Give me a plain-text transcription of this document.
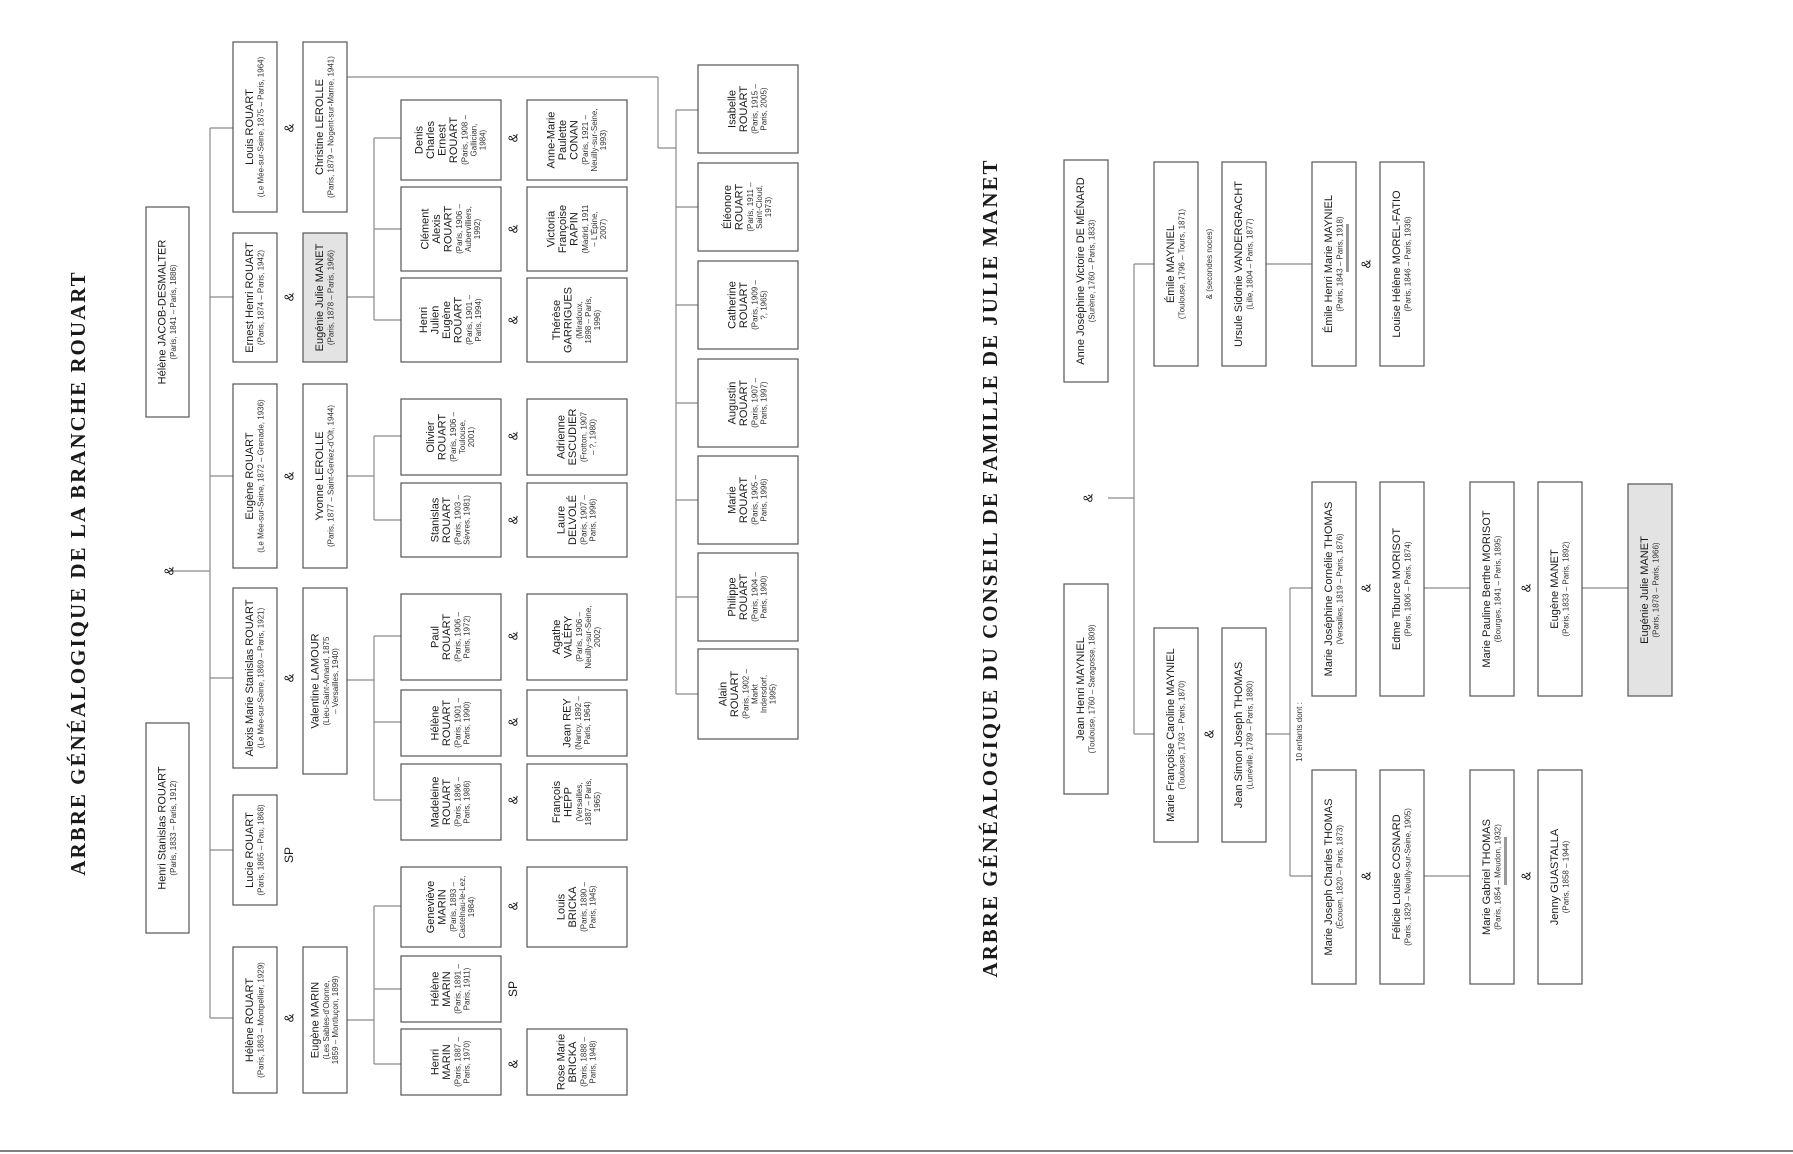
ARBRE GÉNÉALOGIQUE DE LA BRANCHE ROUART	ARBRE GÉNÉALOGIQUE DU CONSEIL DE FAMILLE DE JULIE MANET
Henri Stanislas ROUART (Paris, 1833 – Paris, 1912)
Hélène JACOB-DESMALTER (Paris, 1841 – Paris, 1886)
Hélène ROUART (Paris, 1863 – Montpellier, 1929)	Eugène MARIN (Les Sables-d'Olonne,1859 – Montluçon, 1899)
Lucie ROUART (Paris, 1865 – Pau, 1868)
Alexis Marie Stanislas ROUART (Le Mée-sur-Seine, 1869 – Paris, 1921)	Valentine LAMOUR (Lieu-Saint-Amand, 1875– Versailles, 1940)
Eugène ROUART (Le Mée-sur-Seine, 1872 – Grenade, 1936)	Yvonne LEROLLE (Paris, 1877 – Saint-Geniez-d'Olt, 1944)
Ernest Henri ROUART (Paris, 1874 – Paris, 1942)	Eugénie Julie MANET (Paris, 1878 – Paris, 1966)
Louis ROUART (Le Mée-sur-Seine, 1875 – Paris, 1964)	Christine LEROLLE (Paris, 1879 – Nogent-sur-Marne, 1941)
HenriMARIN (Paris, 1887 –Paris, 1970)
HélèneMARIN (Paris, 1891 –Paris, 1911)
GenevièveMARIN (Paris, 1893 –Castelnau-le-Lez,1984)
Rose MarieBRICKA (Paris, 1888 –Paris, 1948)
LouisBRICKA (Paris, 1890 –Paris, 1945)
MadeleineROUART (Paris, 1896 –Paris, 1986)
HélèneROUART (Paris, 1901 –Paris, 1990)
PaulROUART (Paris, 1906 –Paris, 1972)
FrançoisHEPP (Versailles,1887 – Paris,1965)
Jean REY (Nancy, 1892 –Paris, 1964)
AgatheVALÉRY (Paris, 1906 –Neuilly-sur-Seine,2002)
StanislasROUART (Paris, 1903 –Sèvres, 1981)
OlivierROUART (Paris, 1906 –Toulouse,2001)
LaureDELVOLÉ (Paris, 1907 –Paris, 1996)
AdrienneESCUDIER (Frotton, 1907– ?, 1980)
HenriJulienEugèneROUART (Paris, 1901 –Paris, 1994)
ClémentAlexisROUART (Paris, 1906 –Aubervilliers,1992)
DenisCharlesErnestROUART (Paris, 1908 –Gallician,1984)
ThérèseGARRIGUES (Miradoux,1898 – Paris,1996)
VictoriaFrançoiseRAPIN (Madrid, 1911– L'Épine,2007)
Anne-MariePauletteCONAN (Paris, 1921 –Neuilly-sur-Seine,1993)
AlainROUART (Paris, 1902 –MarktIndersdorf,1995)
PhilippeROUART (Paris, 1904 –Paris, 1990)
MarieROUART (Paris, 1905 –Paris, 1996)
AugustinROUART (Paris, 1907 –Paris, 1997)
CatherineROUART (Paris, 1909 –?, 1965)
ÉléonoreROUART (Paris, 1911 –Saint-Cloud,1973)
IsabelleROUART (Paris, 1915 –Paris, 2005)
Anne Joséphine Victoire DE MÉNARD (Surène, 1760 – Paris, 1833)
Jean Henri MAYNIEL (Toulouse, 1760 – Saragosse, 1809)
Émile MAYNIEL (Toulouse, 1796 – Tours, 1871)	Ursule Sidonie VANDERGRACHT (Lille, 1804 – Paris, 1877)	Émile Henri Marie MAYNIEL (Paris, 1843 – Paris, 1918)	Louise Hélène MOREL-FATIO (Paris, 1846 – Paris, 1936)
Marie Françoise Caroline MAYNIEL (Toulouse, 1793 – Paris, 1870)	Jean Simon Joseph THOMAS (Lunéville, 1789 – Paris, 1880)
Marie Joséphine Cornélie THOMAS (Versailles, 1819 – Paris, 1876)	Edme Tiburce MORISOT (Paris, 1806 – Paris, 1874)	Marie Pauline Berthe MORISOT (Bourges, 1841 – Paris, 1895)	Eugène MANET (Paris, 1833 – Paris, 1892)	Eugénie Julie MANET (Paris, 1878 – Paris, 1966)
Marie Joseph Charles THOMAS (Écouen, 1820 – Paris, 1873)	Félicie Louise COSNARD (Paris, 1829 – Neuilly-sur-Seine, 1905)	Marie Gabriel THOMAS (Paris, 1854 – Meudon, 1932)	Jenny GUASTALLA (Paris, 1858 – 1944)
&
&
&
&
&
&
&
&
&
&
&
&
&
&
&
&
&
&	&
&	&
&
SP
SP
& (secondes noces)
&	10 enfants dont :
